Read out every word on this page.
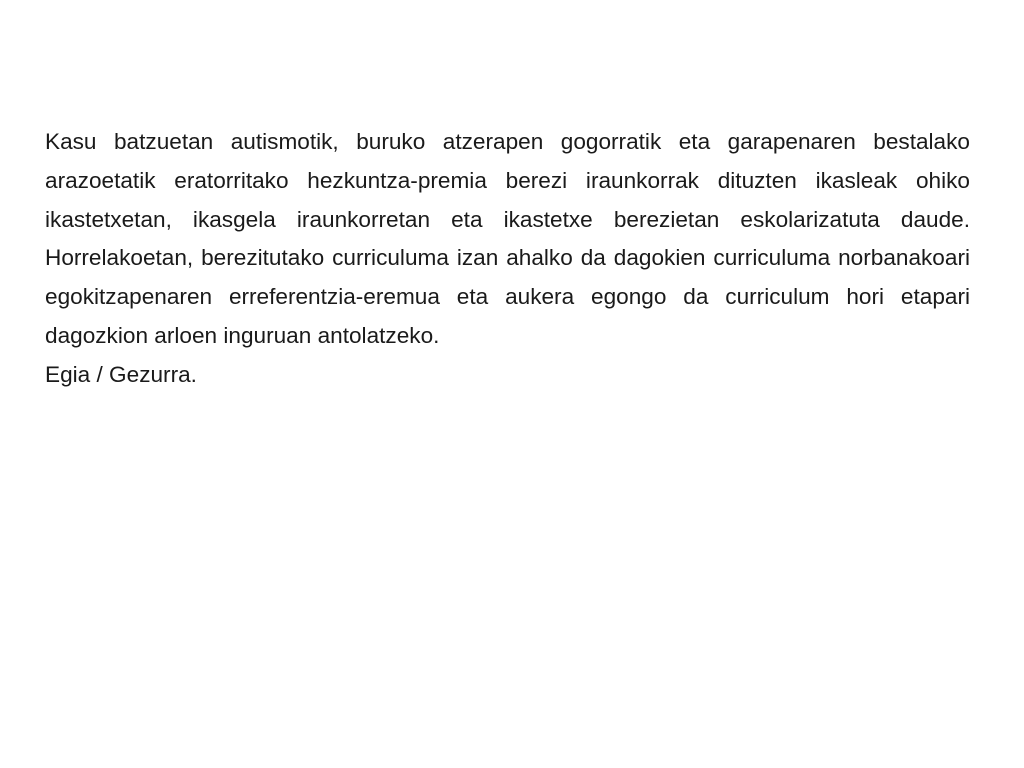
Kasu batzuetan autismotik, buruko atzerapen gogorratik eta garapenaren bestalako arazoetatik eratorritako hezkuntza-premia berezi iraunkorrak dituzten ikasleak ohiko ikastetxetan, ikasgela iraunkorretan eta ikastetxe berezietan eskolarizatuta daude. Horrelakoetan, berezitutako curriculuma izan ahalko da dagokien curriculuma norbanakoari egokitzapenaren erreferentzia-eremua eta aukera egongo da curriculum hori etapari dagozkion arloen inguruan antolatzeko.

Egia / Gezurra.
